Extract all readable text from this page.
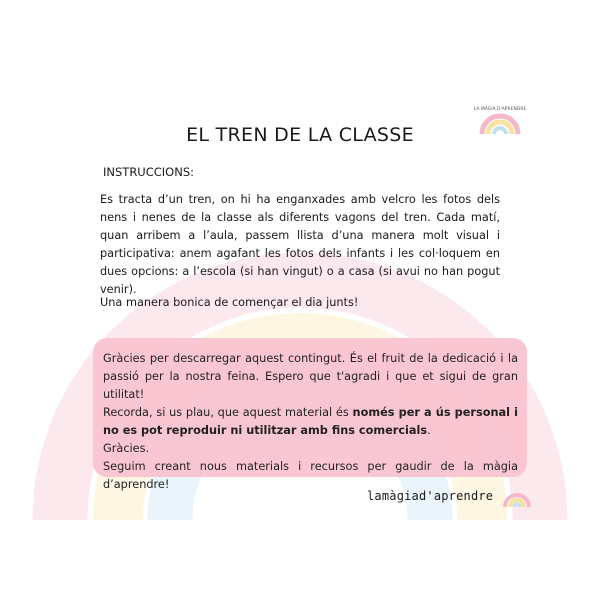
LA MÀGIA D'APRENDRE
EL TREN DE LA CLASSE
INSTRUCCIONS:
Es tracta d’un tren, on hi ha enganxades amb velcro les fotos dels nens i nenes de la classe als diferents vagons del tren. Cada matí, quan arribem a l’aula, passem llista d’una manera molt visual i participativa: anem agafant les fotos dels infants i les col·loquem en dues opcions: a l’escola (si han vingut) o a casa (si avui no han pogut venir).
Una manera bonica de començar el dia junts!

Gràcies per descarregar aquest contingut. És el fruit de la dedicació i la passió per la nostra feina. Espero que t'agradi i que et sigui de gran utilitat!

Recorda, si us plau, que aquest material és només per a ús personal i no es pot reproduir ni utilitzar amb fins comercials.

Gràcies.

Seguim creant nous materials i recursos per gaudir de la màgia d’aprendre!

lamàgiad'aprendre
